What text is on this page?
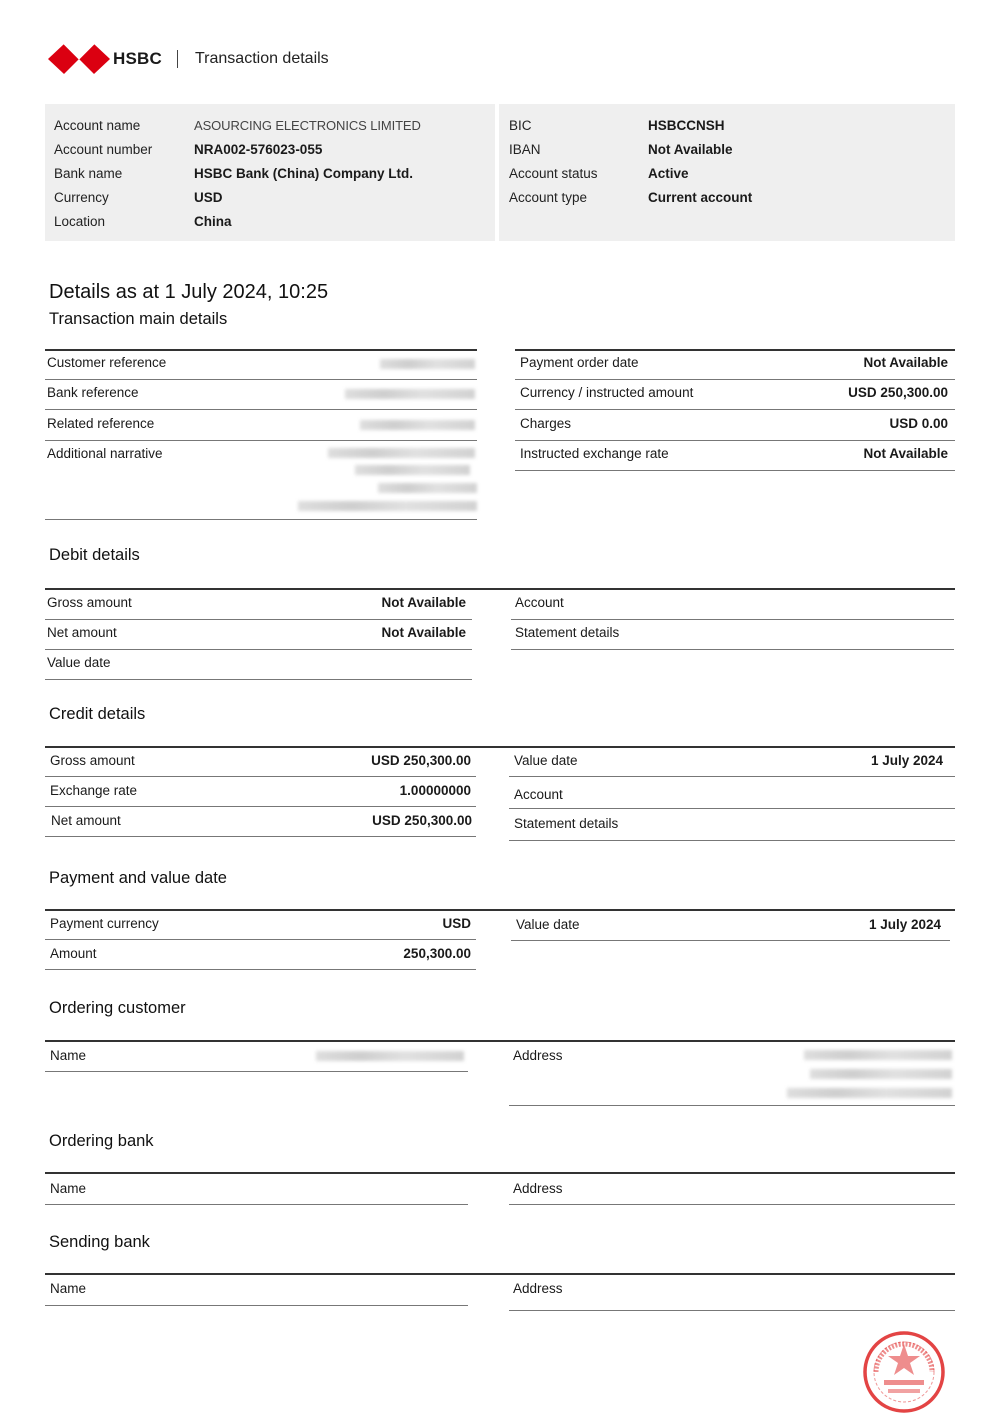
HSBC Transaction details
Account name	ASOURCING ELECTRONICS LIMITED
Account number	NRA002-576023-055
Bank name	HSBC Bank (China) Company Ltd.
Currency	USD
Location	China
BIC	HSBCCNSH
IBAN	Not Available
Account status	Active
Account type	Current account
Details as at 1 July 2024, 10:25
Transaction main details
Customer reference
Bank reference
Related reference
Additional narrative
Payment order date	Not Available
Currency / instructed amount	USD 250,300.00
Charges	USD 0.00
Instructed exchange rate	Not Available
Debit details
Gross amount	Not Available
Net amount	Not Available
Value date
Account
Statement details
Credit details
Gross amount	USD 250,300.00
Exchange rate	1.00000000
Net amount	USD 250,300.00
Value date	1 July 2024
Account
Statement details
Payment and value date
Payment currency	USD
Amount	250,300.00
Value date	1 July 2024
Ordering customer
Name	Address
Ordering bank
Name	Address
Sending bank
Name	Address
